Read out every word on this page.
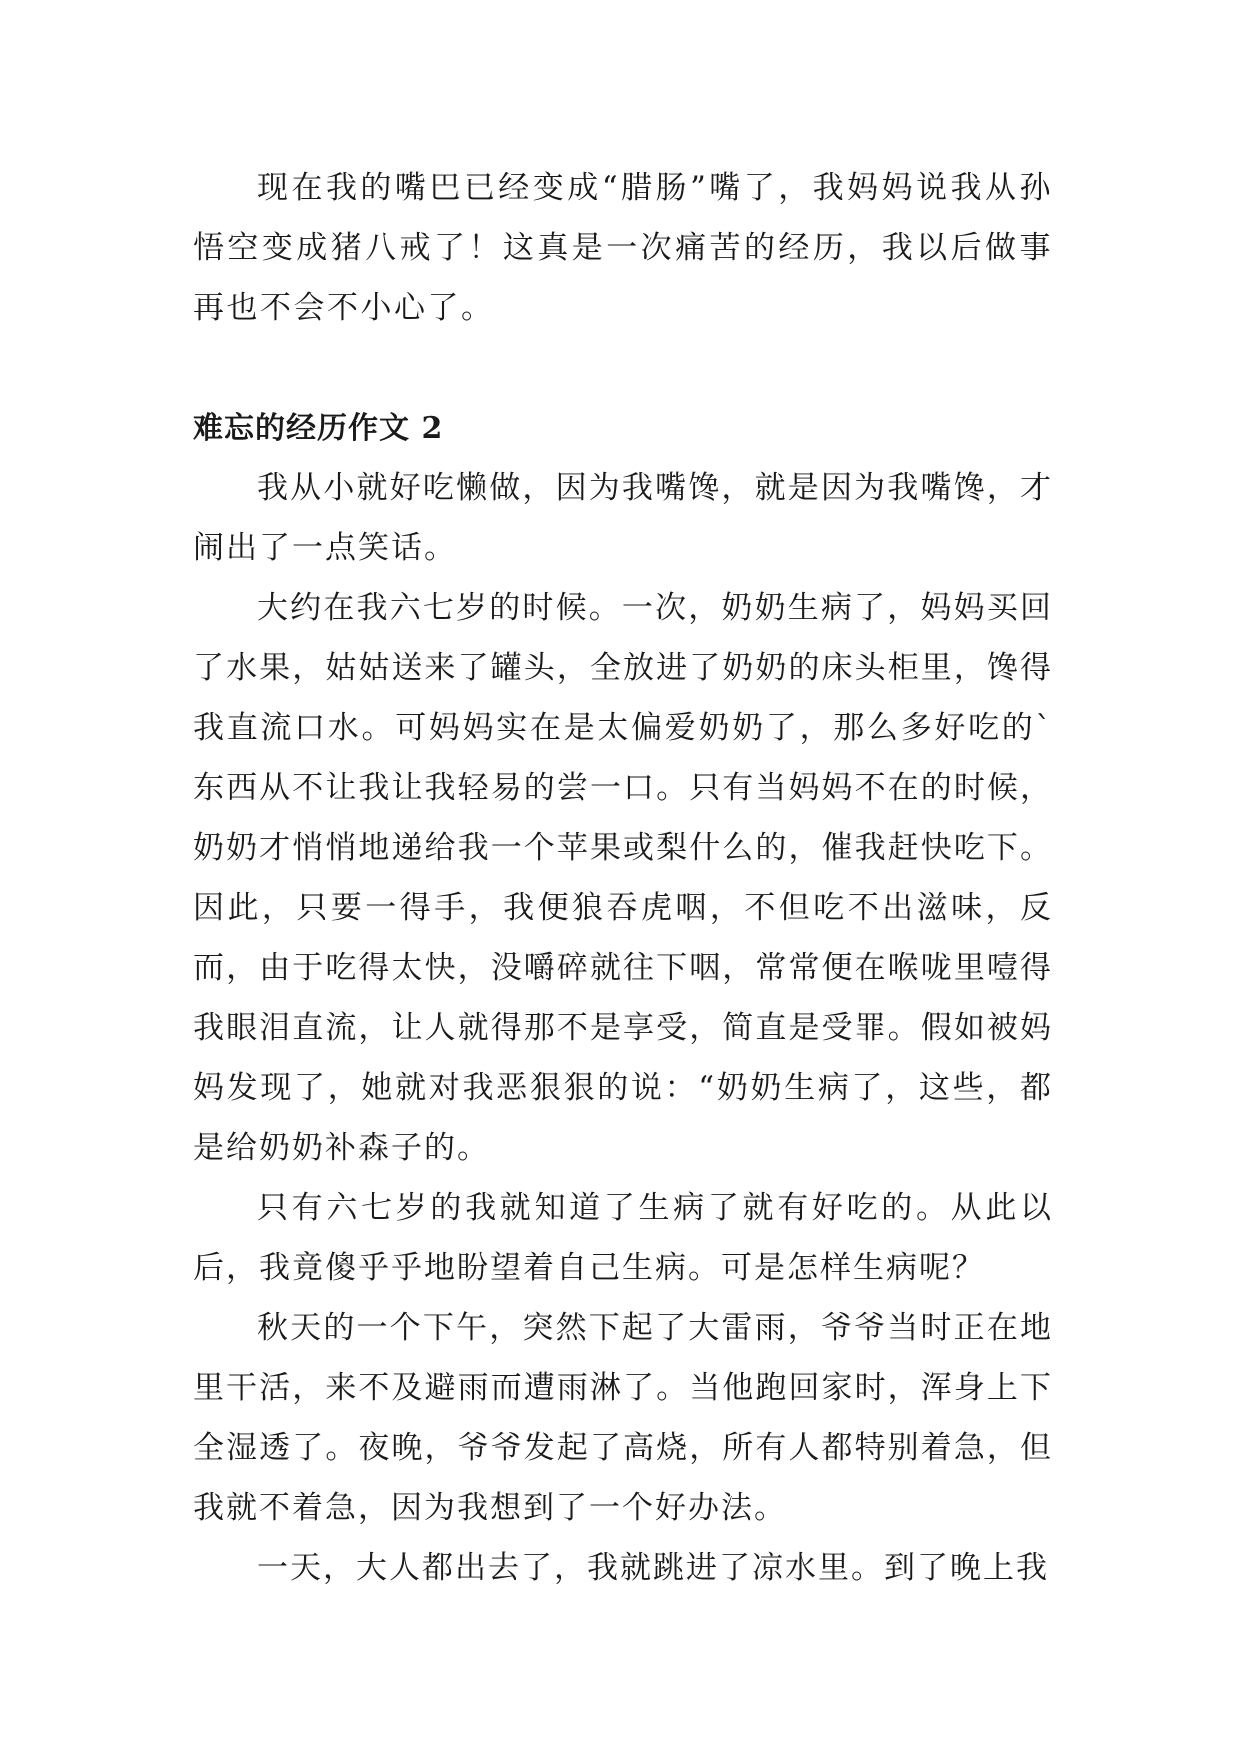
现在我的嘴巴已经变成“腊肠”嘴了，我妈妈说我从孙悟空变成猪八戒了！这真是一次痛苦的经历，我以后做事再也不会不小心了。

难忘的经历作文 2

我从小就好吃懒做，因为我嘴馋，就是因为我嘴馋，才闹出了一点笑话。

大约在我六七岁的时候。一次，奶奶生病了，妈妈买回了水果，姑姑送来了罐头，全放进了奶奶的床头柜里，馋得我直流口水。可妈妈实在是太偏爱奶奶了，那么多好吃的`东西从不让我让我轻易的尝一口。只有当妈妈不在的时候，奶奶才悄悄地递给我一个苹果或梨什么的，催我赶快吃下。因此，只要一得手，我便狼吞虎咽，不但吃不出滋味，反而，由于吃得太快，没嚼碎就往下咽，常常便在喉咙里噎得我眼泪直流，让人就得那不是享受，简直是受罪。假如被妈妈发现了，她就对我恶狠狠的说：“奶奶生病了，这些，都是给奶奶补森子的。

只有六七岁的我就知道了生病了就有好吃的。从此以后，我竟傻乎乎地盼望着自己生病。可是怎样生病呢？

秋天的一个下午，突然下起了大雷雨，爷爷当时正在地里干活，来不及避雨而遭雨淋了。当他跑回家时，浑身上下全湿透了。夜晚，爷爷发起了高烧，所有人都特别着急，但我就不着急，因为我想到了一个好办法。

一天，大人都出去了，我就跳进了凉水里。到了晚上我
